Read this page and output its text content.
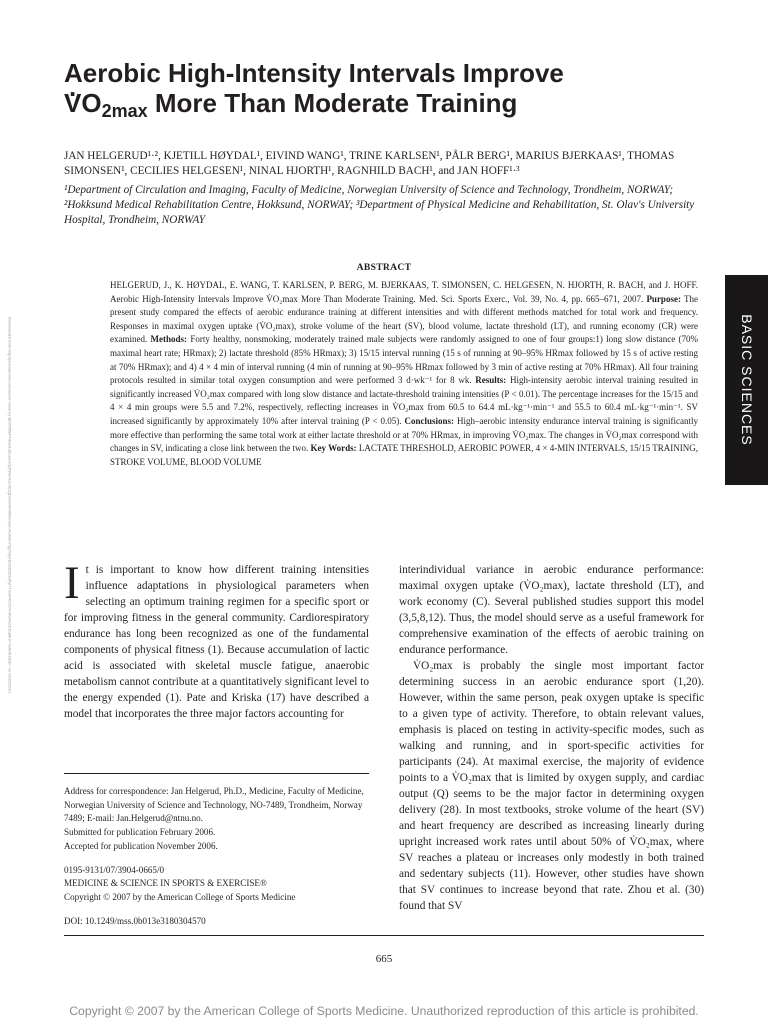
Aerobic High-Intensity Intervals Improve
. VO2max More Than Moderate Training
JAN HELGERUD¹·², KJETILL HØYDAL¹, EIVIND WANG¹, TRINE KARLSEN¹, PÅLR BERG¹, MARIUS BJERKAAS¹, THOMAS SIMONSEN¹, CECILIES HELGESEN¹, NINAL HJORTH¹, RAGNHILD BACH¹, and JAN HOFF¹·³
¹Department of Circulation and Imaging, Faculty of Medicine, Norwegian University of Science and Technology, Trondheim, NORWAY; ²Hokksund Medical Rehabilitation Centre, Hokksund, NORWAY; ³Department of Physical Medicine and Rehabilitation, St. Olav's University Hospital, Trondheim, NORWAY
ABSTRACT
HELGERUD, J., K. HØYDAL, E. WANG, T. KARLSEN, P. BERG, M. BJERKAAS, T. SIMONSEN, C. HELGESEN, N. HJORTH, R. BACH, and J. HOFF. Aerobic High-Intensity Intervals Improve V̇O₂max More Than Moderate Training. Med. Sci. Sports Exerc., Vol. 39, No. 4, pp. 665–671, 2007. Purpose: The present study compared the effects of aerobic endurance training at different intensities and with different methods matched for total work and frequency. Responses in maximal oxygen uptake (V̇O₂max), stroke volume of the heart (SV), blood volume, lactate threshold (LT), and running economy (CR) were examined. Methods: Forty healthy, nonsmoking, moderately trained male subjects were randomly assigned to one of four groups:1) long slow distance (70% maximal heart rate; HRmax); 2) lactate threshold (85% HRmax); 3) 15/15 interval running (15 s of running at 90–95% HRmax followed by 15 s of active resting at 70% HRmax); and 4) 4 × 4 min of interval running (4 min of running at 90–95% HRmax followed by 3 min of active resting at 70% HRmax). All four training protocols resulted in similar total oxygen consumption and were performed 3 d·wk⁻¹ for 8 wk. Results: High-intensity aerobic interval training resulted in significantly increased V̇O₂max compared with long slow distance and lactate-threshold training intensities (P < 0.01). The percentage increases for the 15/15 and 4 × 4 min groups were 5.5 and 7.2%, respectively, reflecting increases in V̇O₂max from 60.5 to 64.4 mL·kg⁻¹·min⁻¹ and 55.5 to 60.4 mL·kg⁻¹·min⁻¹. SV increased significantly by approximately 10% after interval training (P < 0.05). Conclusions: High–aerobic intensity endurance interval training is significantly more effective than performing the same total work at either lactate threshold or at 70% HRmax, in improving V̇O₂max. The changes in V̇O₂max correspond with changes in SV, indicating a close link between the two. Key Words: LACTATE THRESHOLD, AEROBIC POWER, 4 × 4-MIN INTERVALS, 15/15 TRAINING, STROKE VOLUME, BLOOD VOLUME
BASIC SCIENCES
Downloaded from http://journals.lww.com/acsm-msse by BhDMf5ePHKav1zEoum1tQfN4a+kJLhEZgbsIHo4XMi0hCywCX1AWnYQp/IlQrHD3i3D0OdRyi7TvSFl4Cf3VC4/OAVpDDa8K2+Ya6H515kE= on 03/22/2021 I t is important to know how different training intensities influence adaptations in physiological parameters when selecting an optimum training regimen for a specific sport or for improving fitness in the general community. Cardiorespiratory endurance has long been recognized as one of the fundamental components of physical fitness (1). Because accumulation of lactic acid is associated with skeletal muscle fatigue, anaerobic metabolism cannot contribute at a quantitatively significant level to the energy expended (1). Pate and Kriska (17) have described a model that incorporates the three major factors accounting for
Address for correspondence: Jan Helgerud, Ph.D., Medicine, Faculty of Medicine, Norwegian University of Science and Technology, NO-7489, Trondheim, Norway 7489; E-mail: Jan.Helgerud@ntnu.no.
Submitted for publication February 2006.
Accepted for publication November 2006.
0195-9131/07/3904-0665/0
MEDICINE & SCIENCE IN SPORTS & EXERCISE®
Copyright © 2007 by the American College of Sports Medicine
DOI: 10.1249/mss.0b013e3180304570
interindividual variance in aerobic endurance performance: maximal oxygen uptake (V̇O₂max), lactate threshold (LT), and work economy (C). Several published studies support this model (3,5,8,12). Thus, the model should serve as a useful framework for comprehensive examination of the effects of aerobic training on endurance performance.
V̇O₂max is probably the single most important factor determining success in an aerobic endurance sport (1,20). However, within the same person, peak oxygen uptake is specific to a given type of activity. Therefore, to obtain relevant values, emphasis is placed on testing in activity-specific modes, such as walking and running, and in sport-specific activities for participants (24). At maximal exercise, the majority of evidence points to a V̇O₂max that is limited by oxygen supply, and cardiac output (Q) seems to be the major factor in determining oxygen delivery (28). In most textbooks, stroke volume of the heart (SV) and heart frequency are described as increasing linearly during upright increased work rates until about 50% of V̇O₂max, where SV reaches a plateau or increases only modestly in both trained and sedentary subjects (11). However, other studies have shown that SV continues to increase beyond that rate. Zhou et al. (30) found that SV
665
Copyright © 2007 by the American College of Sports Medicine. Unauthorized reproduction of this article is prohibited.
